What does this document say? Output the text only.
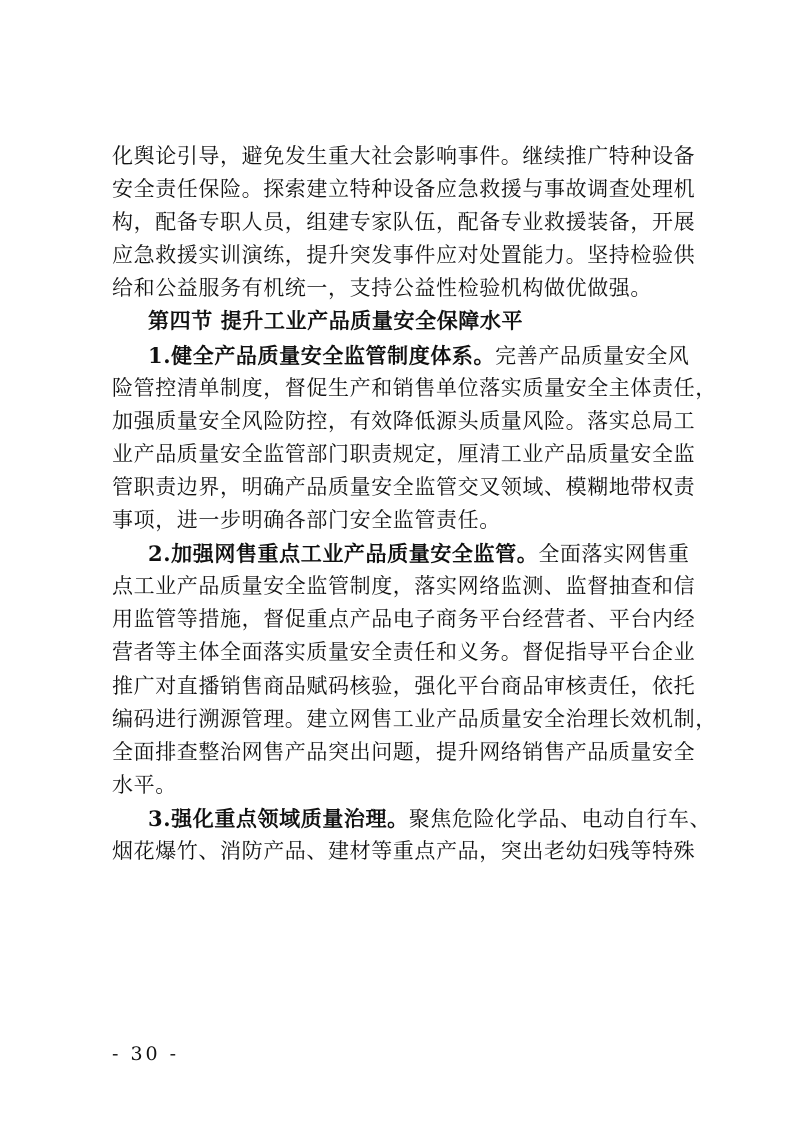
化舆论引导，避免发生重大社会影响事件。继续推广特种设备
安全责任保险。探索建立特种设备应急救援与事故调查处理机
构，配备专职人员，组建专家队伍，配备专业救援装备，开展
应急救援实训演练，提升突发事件应对处置能力。坚持检验供
给和公益服务有机统一，支持公益性检验机构做优做强。
第四节 提升工业产品质量安全保障水平
1.健全产品质量安全监管制度体系。完善产品质量安全风
险管控清单制度，督促生产和销售单位落实质量安全主体责任，
加强质量安全风险防控，有效降低源头质量风险。落实总局工
业产品质量安全监管部门职责规定，厘清工业产品质量安全监
管职责边界，明确产品质量安全监管交叉领域、模糊地带权责
事项，进一步明确各部门安全监管责任。
2.加强网售重点工业产品质量安全监管。全面落实网售重
点工业产品质量安全监管制度，落实网络监测、监督抽查和信
用监管等措施，督促重点产品电子商务平台经营者、平台内经
营者等主体全面落实质量安全责任和义务。督促指导平台企业
推广对直播销售商品赋码核验，强化平台商品审核责任，依托
编码进行溯源管理。建立网售工业产品质量安全治理长效机制，
全面排查整治网售产品突出问题，提升网络销售产品质量安全
水平。
3.强化重点领域质量治理。聚焦危险化学品、电动自行车、
烟花爆竹、消防产品、建材等重点产品，突出老幼妇残等特殊
- 30 -
